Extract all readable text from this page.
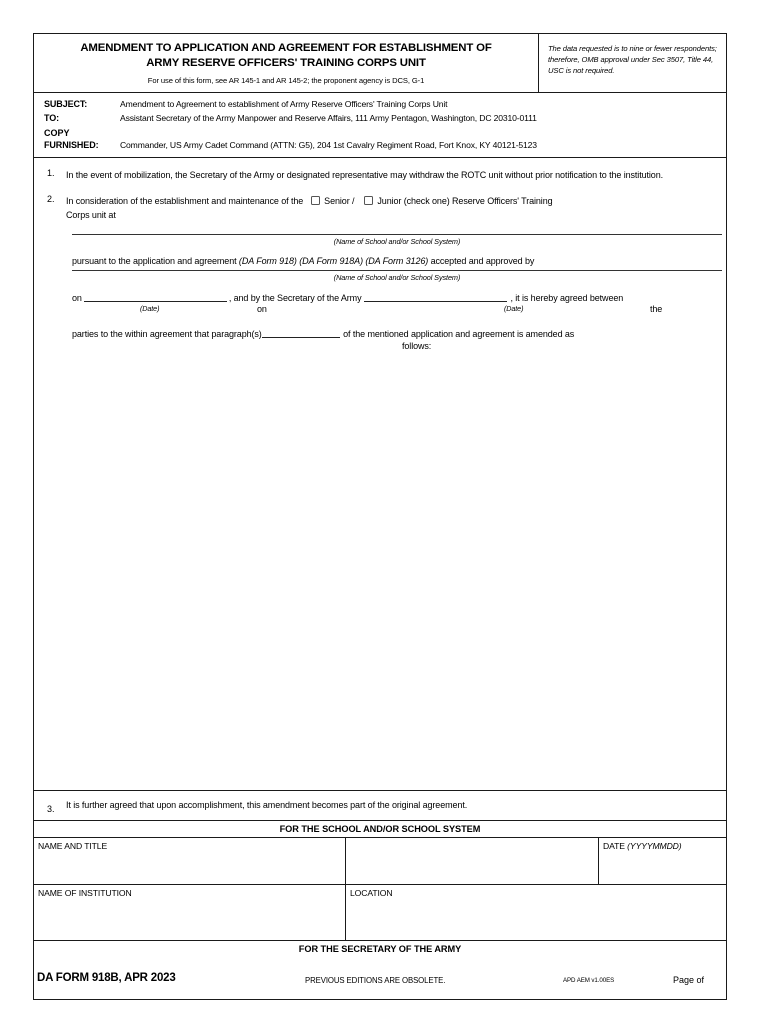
AMENDMENT TO APPLICATION AND AGREEMENT FOR ESTABLISHMENT OF
ARMY RESERVE OFFICERS' TRAINING CORPS UNIT
For use of this form, see AR 145-1 and AR 145-2; the proponent agency is DCS, G-1
The data requested is to nine or fewer respondents; therefore, OMB approval under Sec 3507, Title 44, USC is not required.
SUBJECT:	Amendment to Agreement to establishment of Army Reserve Officers' Training Corps Unit
TO:	Assistant Secretary of the Army Manpower and Reserve Affairs, 111 Army Pentagon, Washington, DC 20310-0111
COPY
FURNISHED:	Commander, US Army Cadet Command (ATTN: G5), 204 1st Cavalry Regiment Road, Fort Knox, KY 40121-5123
1.	In the event of mobilization, the Secretary of the Army or designated representative may withdraw the ROTC unit without prior notification to the institution.
2.	In consideration of the establishment and maintenance of the Senior /	Junior (check one) Reserve Officers' Training
Corps unit at
(Name of School and/or School System)
pursuant to the application and agreement (DA Form 918) (DA Form 918A) (DA Form 3126) accepted and approved by
(Name of School and/or School System)
on	, and by the Secretary of the Army	, it is hereby agreed between
(Date)	(Date)
on	the
parties to the within agreement that paragraph(s)	of the mentioned application and agreement is amended as
follows:
3.	It is further agreed that upon accomplishment, this amendment becomes part of the original agreement.
FOR THE SCHOOL AND/OR SCHOOL SYSTEM
NAME AND TITLE	DATE (YYYYMMDD)
NAME OF INSTITUTION	LOCATION
FOR THE SECRETARY OF THE ARMY
DA FORM 918B, APR 2023	PREVIOUS EDITIONS ARE OBSOLETE.	APD AEM v1.00ES	Page of
